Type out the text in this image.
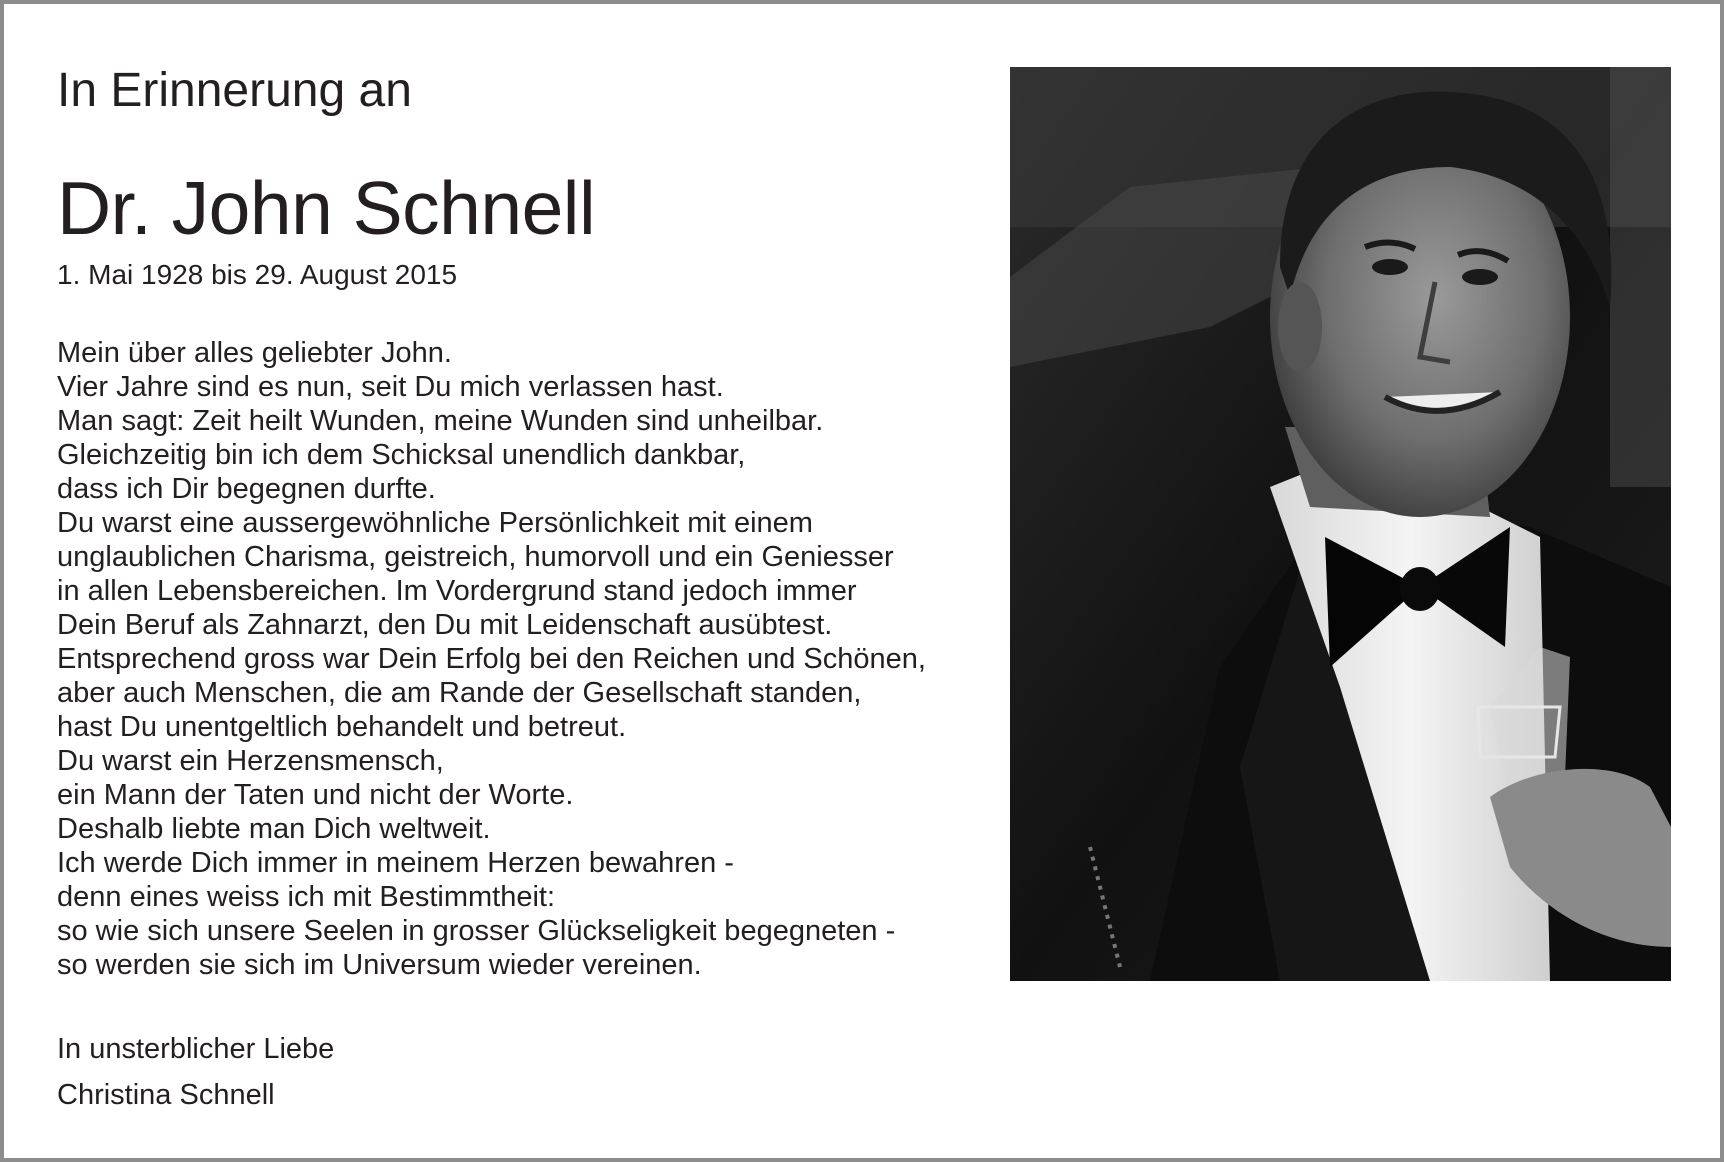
In Erinnerung an
Dr. John Schnell
1. Mai 1928 bis 29. August 2015
Mein über alles geliebter John.
Vier Jahre sind es nun, seit Du mich verlassen hast.
Man sagt: Zeit heilt Wunden, meine Wunden sind unheilbar.
Gleichzeitig bin ich dem Schicksal unendlich dankbar,
dass ich Dir begegnen durfte.
Du warst eine aussergewöhnliche Persönlichkeit mit einem
unglaublichen Charisma, geistreich, humorvoll und ein Geniesser
in allen Lebensbereichen. Im Vordergrund stand jedoch immer
Dein Beruf als Zahnarzt, den Du mit Leidenschaft ausübtest.
Entsprechend gross war Dein Erfolg bei den Reichen und Schönen,
aber auch Menschen, die am Rande der Gesellschaft standen,
hast Du unentgeltlich behandelt und betreut.
Du warst ein Herzensmensch,
ein Mann der Taten und nicht der Worte.
Deshalb liebte man Dich weltweit.
Ich werde Dich immer in meinem Herzen bewahren -
denn eines weiss ich mit Bestimmtheit:
so wie sich unsere Seelen in grosser Glückseligkeit begegneten -
so werden sie sich im Universum wieder vereinen.
In unsterblicher Liebe
Christina Schnell
